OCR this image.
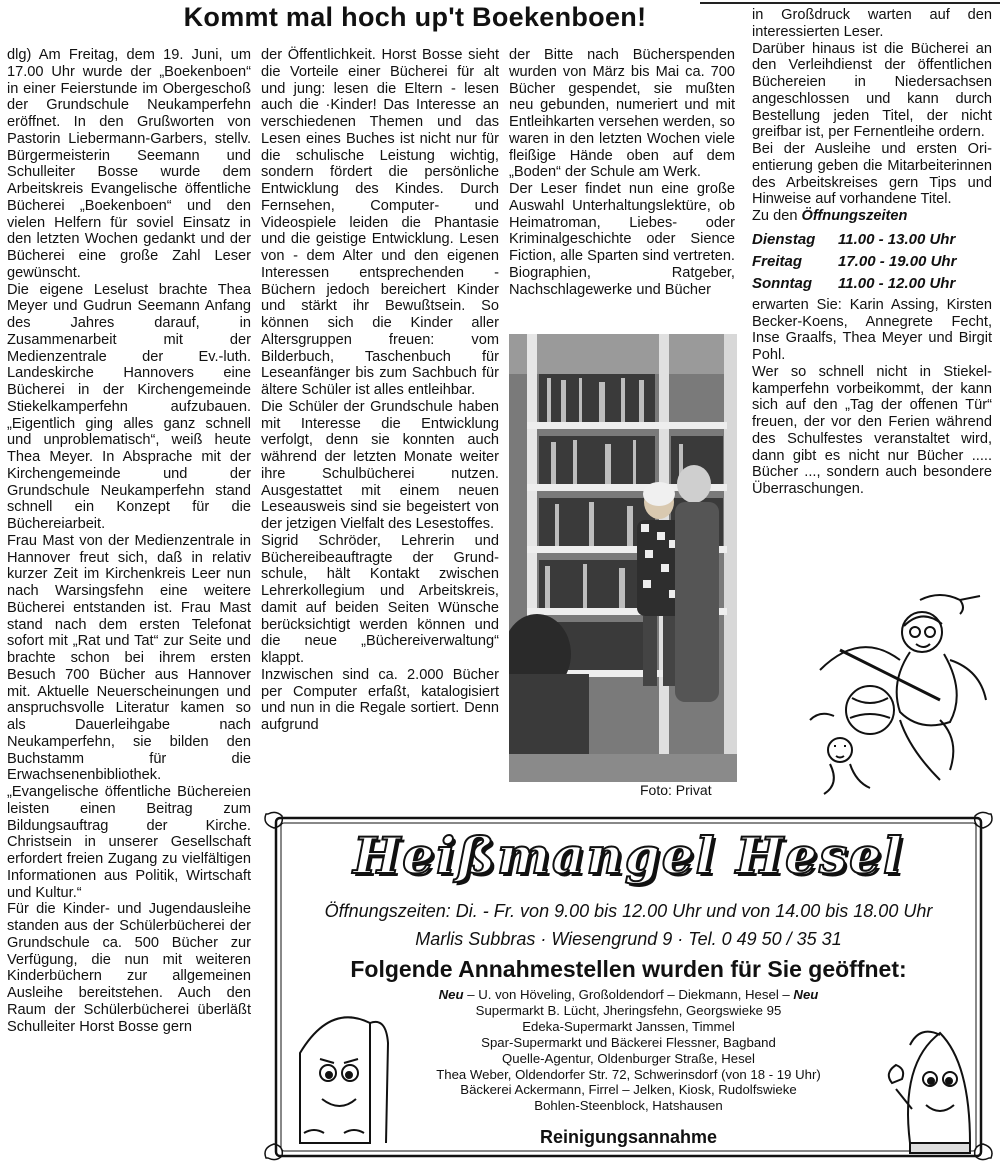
Kommt mal hoch up't Boekenboen!

dlg) Am Freitag, dem 19. Juni, um 17.00 Uhr wurde der „Boekenboen“ in einer Feierstunde im Obergeschoß der Grundschule Neukamperfehn eröffnet. In den Grußworten von Pastorin Liebermann-Garbers, stellv. Bürgermeisterin Seemann und Schulleiter Bosse wurde dem Arbeitskreis Evangelische öffentliche Bücherei „Boekenboen“ und den vielen Helfern für soviel Einsatz in den letzten Wochen gedankt und der Bücherei eine große Zahl Leser gewünscht.

Die eigene Leselust brachte Thea Meyer und Gudrun Seemann Anfang des Jahres darauf, in Zusammenarbeit mit der Medienzentrale der Ev.-luth. Landeskirche Hannovers eine Bücherei in der Kirchengemeinde Stiekelkamperfehn aufzubauen. „Eigentlich ging alles ganz schnell und unproblematisch“, weiß heute Thea Meyer. In Absprache mit der Kirchengemeinde und der Grundschule Neukamperfehn stand schnell ein Konzept für die Büchereiarbeit.

Frau Mast von der Medienzentrale in Hannover freut sich, daß in relativ kurzer Zeit im Kirchenkreis Leer nun nach Warsingsfehn eine weitere Bücherei entstanden ist. Frau Mast stand nach dem ersten Telefonat sofort mit „Rat und Tat“ zur Seite und brachte schon bei ihrem ersten Besuch 700 Bücher aus Hannover mit. Aktuelle Neuerscheinungen und anspruchsvolle Literatur kamen so als Dauerleihgabe nach Neukamperfehn, sie bilden den Buchstamm für die Erwachsenenbibliothek.

„Evangelische öffentliche Büchereien leisten einen Beitrag zum Bildungsauftrag der Kirche. Christsein in unserer Gesellschaft erfordert freien Zugang zu vielfältigen Informationen aus Politik, Wirtschaft und Kultur.“

Für die Kinder- und Jugendausleihe standen aus der Schülerbücherei der Grundschule ca. 500 Bücher zur Verfügung, die nun mit weiteren Kinderbüchern zur allgemeinen Ausleihe bereitstehen. Auch den Raum der Schülerbücherei überläßt Schulleiter Horst Bosse gern

der Öffentlichkeit. Horst Bosse sieht die Vorteile einer Bücherei für alt und jung: lesen die Eltern - lesen auch die ·Kinder! Das Interesse an verschiedenen Themen und das Lesen eines Buches ist nicht nur für die schulische Leistung wichtig, sondern fördert die persönliche Entwicklung des Kindes. Durch Fernsehen, Computer- und Videospiele leiden die Phantasie und die geistige Entwicklung. Lesen von - dem Alter und den eigenen Interessen entsprechenden - Büchern jedoch bereichert Kinder und stärkt ihr Bewußtsein. So können sich die Kinder aller Altersgruppen freuen: vom Bilderbuch, Taschenbuch für Leseanfänger bis zum Sachbuch für ältere Schüler ist alles entleihbar.

Die Schüler der Grundschule haben mit Interesse die Entwicklung verfolgt, denn sie konnten auch während der letzten Monate weiter ihre Schulbücherei nutzen. Ausgestattet mit einem neuen Leseausweis sind sie begeistert von der jetzigen Vielfalt des Lesestoffes.

Sigrid Schröder, Lehrerin und Büchereibeauftragte der Grundschule, hält Kontakt zwischen Lehrerkollegium und Arbeitskreis, damit auf beiden Seiten Wünsche berücksichtigt werden können und die neue „Büchereiverwaltung“ klappt.

Inzwischen sind ca. 2.000 Bücher per Computer erfaßt, katalogisiert und nun in die Regale sortiert. Denn aufgrund

der Bitte nach Bücherspenden wurden von März bis Mai ca. 700 Bücher gespendet, sie mußten neu gebunden, numeriert und mit Entleihkarten versehen werden, so waren in den letzten Wochen viele fleißige Hände oben auf dem „Boden“ der Schule am Werk.

Der Leser findet nun eine große Auswahl Unterhaltungslektüre, ob Heimatroman, Liebes- oder Kriminalgeschichte oder Sience Fiction, alle Sparten sind vertreten. Biographien, Ratgeber, Nachschlagewerke und Bücher

Foto: Privat

in Großdruck warten auf den interessierten Leser.

Darüber hinaus ist die Bücherei an den Verleihdienst der öffentlichen Büchereien in Niedersachsen angeschlossen und kann durch Bestellung jeden Titel, der nicht greifbar ist, per Fernentleihe ordern.

Bei der Ausleihe und ersten Orientierung geben die Mitarbeiterinnen des Arbeitskreises gern Tips und Hinweise auf vorhandene Titel.

Zu den Öffnungszeiten

Dienstag	11.00 - 13.00 Uhr
Freitag	17.00 - 19.00 Uhr
Sonntag	11.00 - 12.00 Uhr

erwarten Sie: Karin Assing, Kirsten Becker-Koens, Annegrete Fecht, Inse Graalfs, Thea Meyer und Birgit Pohl.

Wer so schnell nicht in Stiekelkamperfehn vorbeikommt, der kann sich auf den „Tag der offenen Tür“ freuen, der vor den Ferien während des Schulfestes veranstaltet wird, dann gibt es nicht nur Bücher ..... Bücher ..., sondern auch besondere Überraschungen.

Heißmangel Hesel
Öffnungszeiten: Di. - Fr. von 9.00 bis 12.00 Uhr und von 14.00 bis 18.00 Uhr
Marlis Subbras · Wiesengrund 9 · Tel. 0 49 50 / 35 31
Folgende Annahmestellen wurden für Sie geöffnet:
Neu – U. von Höveling, Großoldendorf – Diekmann, Hesel – Neu
Supermarkt B. Lücht, Jheringsfehn, Georgswieke 95
Edeka-Supermarkt Janssen, Timmel
Spar-Supermarkt und Bäckerei Flessner, Bagband
Quelle-Agentur, Oldenburger Straße, Hesel
Thea Weber, Oldendorfer Str. 72, Schwerinsdorf (von 18 - 19 Uhr)
Bäckerei Ackermann, Firrel – Jelken, Kiosk, Rudolfswieke
Bohlen-Steenblock, Hatshausen
Reinigungsannahme
